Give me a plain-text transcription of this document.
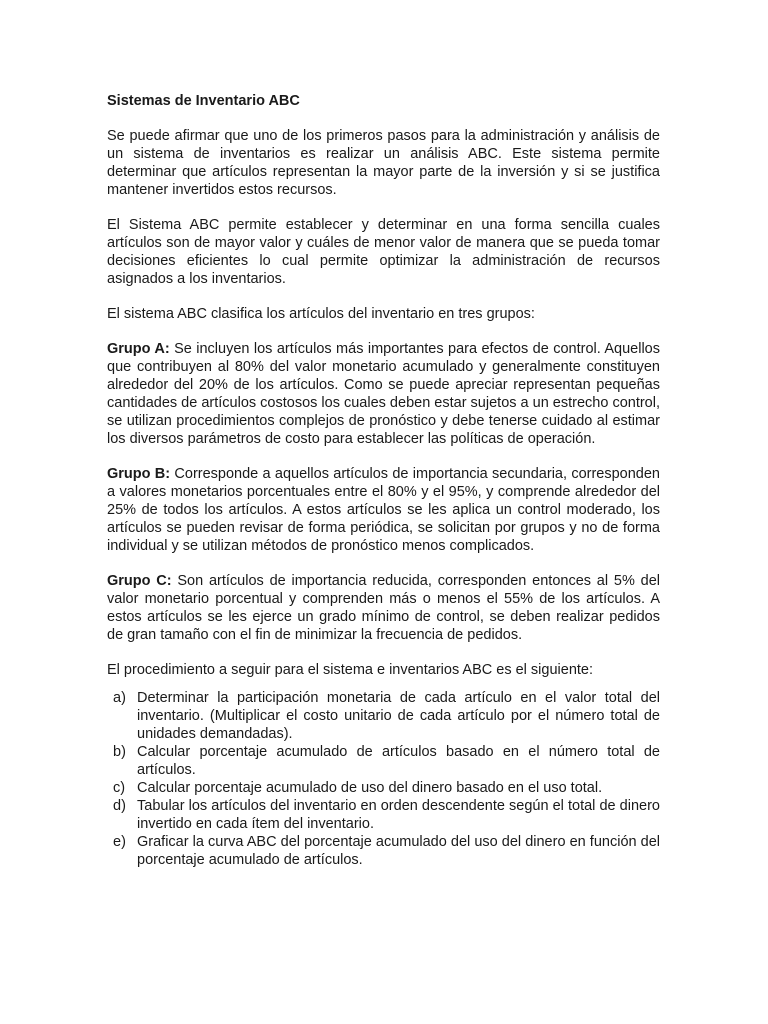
Sistemas de Inventario ABC

Se puede afirmar que uno de los primeros pasos para la administración y análisis de un sistema de inventarios es realizar un análisis ABC. Este sistema permite determinar que artículos representan la mayor parte de la inversión y si se justifica mantener invertidos estos recursos.

El Sistema ABC permite establecer y determinar en una forma sencilla cuales artículos son de mayor valor y cuáles de menor valor de manera que se pueda tomar decisiones eficientes lo cual permite optimizar la administración de recursos asignados a los inventarios.

El sistema ABC clasifica los artículos del inventario en tres grupos:

Grupo A: Se incluyen los artículos más importantes para efectos de control. Aquellos que contribuyen al 80% del valor monetario acumulado y generalmente constituyen alrededor del 20% de los artículos. Como se puede apreciar representan pequeñas cantidades de artículos costosos los cuales deben estar sujetos a un estrecho control, se utilizan procedimientos complejos de pronóstico y debe tenerse cuidado al estimar los diversos parámetros de costo para establecer las políticas de operación.

Grupo B: Corresponde a aquellos artículos de importancia secundaria, corresponden a valores monetarios porcentuales entre el 80% y el 95%, y comprende alrededor del 25% de todos los artículos. A estos artículos se les aplica un control moderado, los artículos se pueden revisar de forma periódica, se solicitan por grupos y no de forma individual y se utilizan métodos de pronóstico menos complicados.

Grupo C: Son artículos de importancia reducida, corresponden entonces al 5% del valor monetario porcentual y comprenden más o menos el 55% de los artículos. A estos artículos se les ejerce un grado mínimo de control, se deben realizar pedidos de gran tamaño con el fin de minimizar la frecuencia de pedidos.

El procedimiento a seguir para el sistema e inventarios ABC es el siguiente:

a) Determinar la participación monetaria de cada artículo en el valor total del inventario. (Multiplicar el costo unitario de cada artículo por el número total de unidades demandadas).
b) Calcular porcentaje acumulado de artículos basado en el número total de artículos.
c) Calcular porcentaje acumulado de uso del dinero basado en el uso total.
d) Tabular los artículos del inventario en orden descendente según el total de dinero invertido en cada ítem del inventario.
e) Graficar la curva ABC del porcentaje acumulado del uso del dinero en función del porcentaje acumulado de artículos.
